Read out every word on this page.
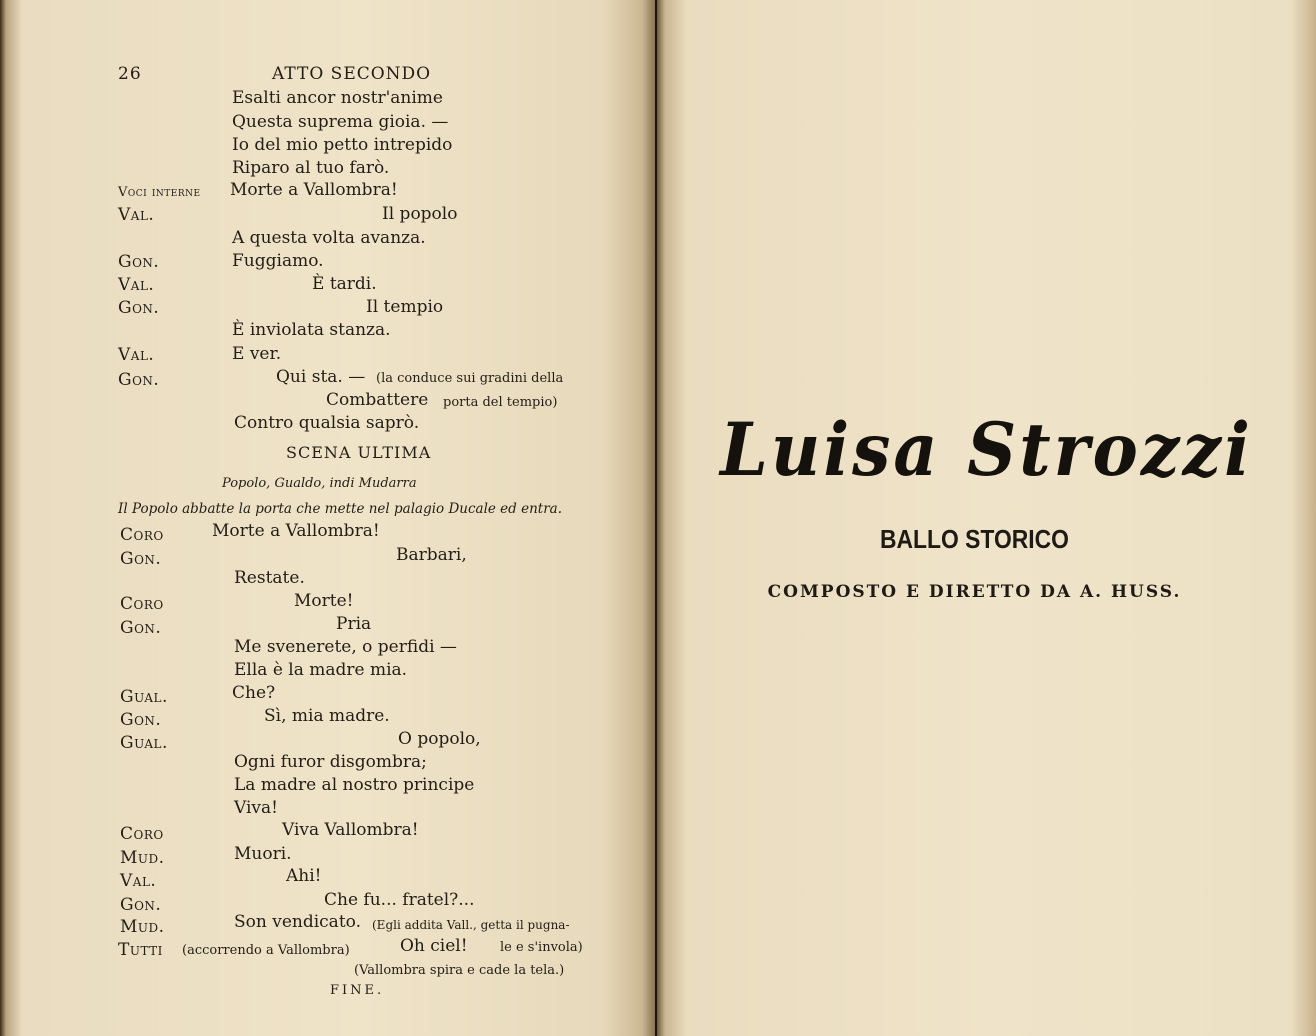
26	ATTO SECONDO
Esalti ancor nostr'anime
Questa suprema gioia. —
Io del mio petto intrepido
Riparo al tuo farò.
Voci interne Morte a Vallombra!
Val.	Il popolo
A questa volta avanza.
Gon.	Fuggiamo.
Val.	È tardi.
Gon.	Il tempio
È inviolata stanza.
Val.	E ver.
Gon.	Qui sta. — (la conduce sui gradini della
Combattere porta del tempio)
Contro qualsia saprò.
SCENA ULTIMA
Popolo, Gualdo, indi Mudarra
Il Popolo abbatte la porta che mette nel palagio Ducale ed entra.
Coro	Morte a Vallombra!
Gon.	Barbari,
Restate.
Coro	Morte!
Gon.	Pria
Me svenerete, o perfidi —
Ella è la madre mia.
Gual.	Che?
Gon.	Sì, mia madre.
Gual.	O popolo,
Ogni furor disgombra;
La madre al nostro principe
Viva!
Coro	Viva Vallombra!
Mud.	Muori.
Val.	Ahi!
Gon.	Che fu... fratel?...
Mud.	Son vendicato. (Egli addita Vall., getta il pugna-
Tutti (accorrendo a Vallombra)	Oh ciel! le e s'invola)
(Vallombra spira e cade la tela.)
FINE.
Luisa Strozzi
BALLO STORICO
COMPOSTO E DIRETTO DA A. HUSS.
